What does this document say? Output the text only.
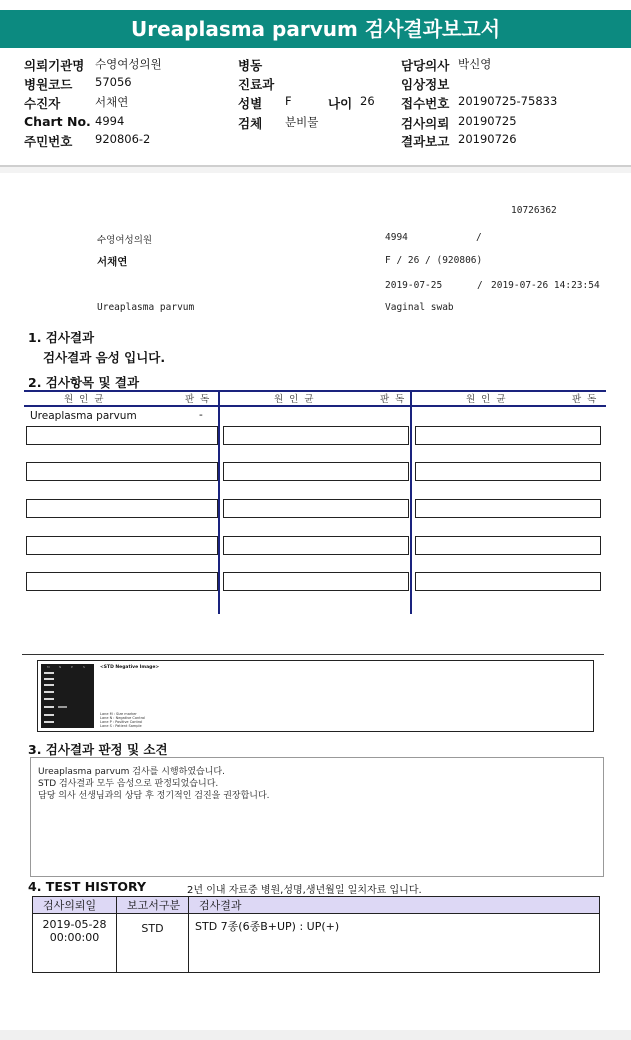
Ureaplasma parvum 검사결과보고서
의뢰기관명 수영여성의원	병동	담당의사 박신영
병원코드 57056	진료과	임상정보
수진자	서채연	성별 F	나이 26 접수번호 20190725-75833
Chart No. 4994	검체 분비물	검사의뢰 20190725
주민번호 920806-2	결과보고 20190726
10726362
수영여성의원	4994	/
서채연	F / 26 / (920806)
2019-07-25	/ 2019-07-26 14:23:54
Ureaplasma parvum	Vaginal swab
1. 검사결과
검사결과 음성 입니다.
2. 검사항목 및 결과
원인균	판독	원인균	판독	원인균	판독
Ureaplasma parvum	-
M	N	P	S	<STD Negative Image>
Lane M : Size marker
Lane N : Negative Control
Lane P : Positive Control
Lane S : Patient Sample
3. 검사결과 판정 및 소견
Ureaplasma parvum 검사를 시행하였습니다.
STD 검사결과 모두 음성으로 판정되었습니다.
담당 의사 선생님과의 상담 후 정기적인 검진을 권장합니다.
4. TEST HISTORY	2년 이내 자료중 병원,성명,생년월일 일치자료 입니다.
검사의뢰일	보고서구분	검사결과

2019-05-28
00:00:00	STD	STD 7종(6종B+UP) : UP(+)
